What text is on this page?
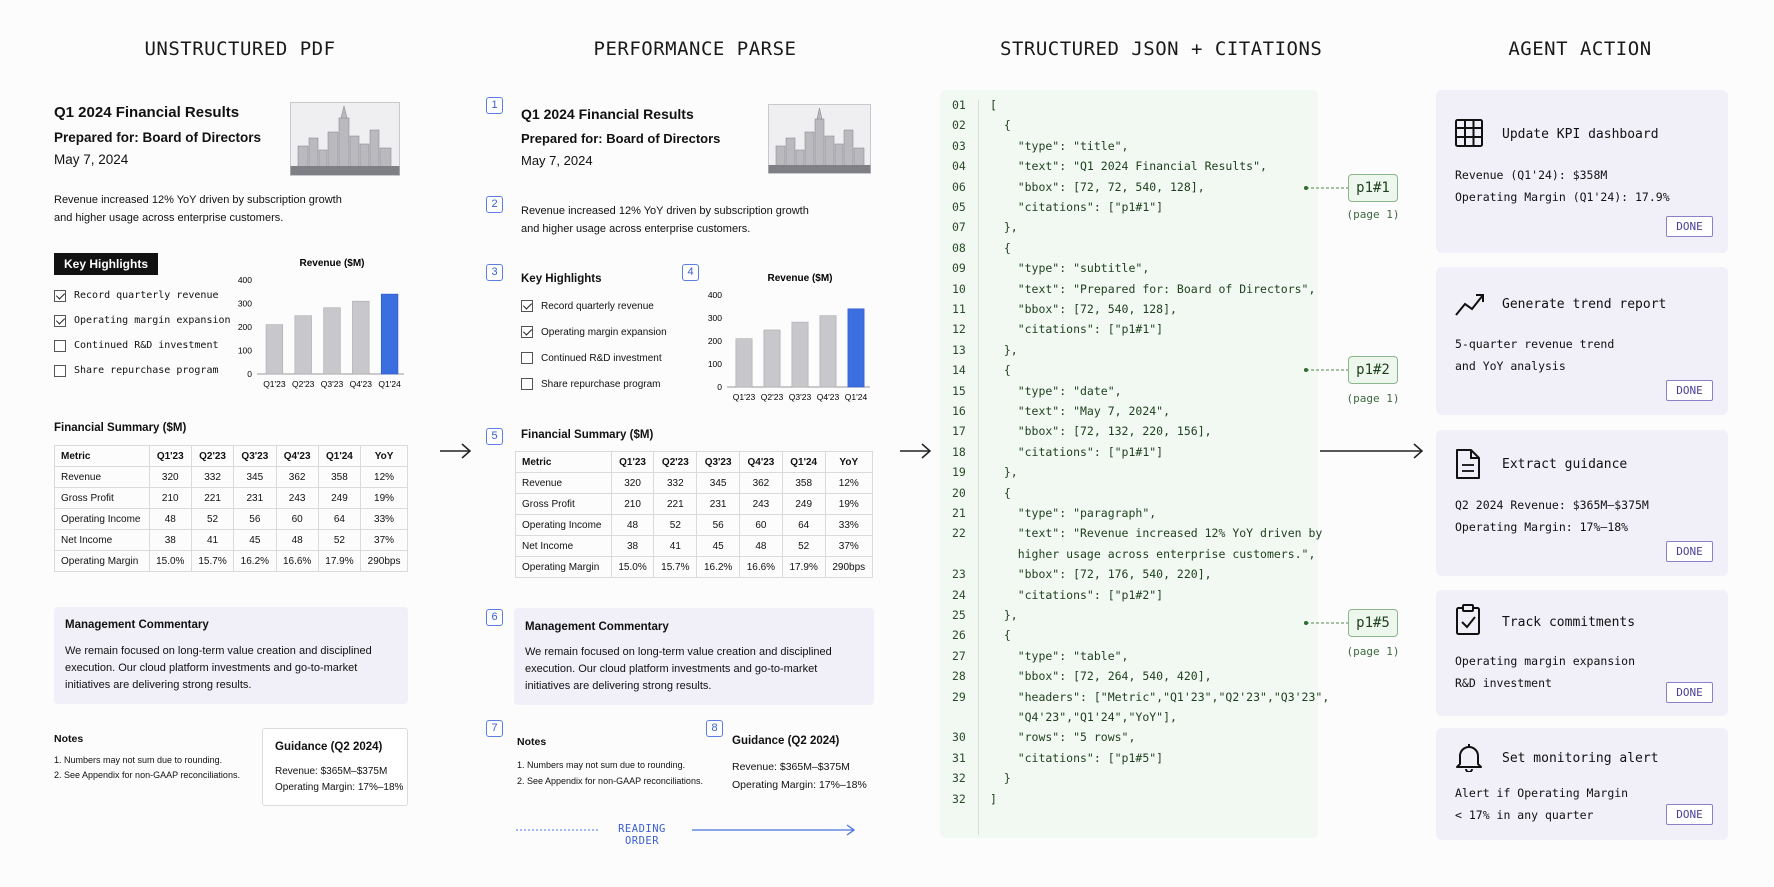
UNSTRUCTURED PDF	PERFORMANCE PARSE	STRUCTURED JSON + CITATIONS	AGENT ACTION
Q1 2024 Financial Results
Prepared for: Board of Directors
May 7, 2024
Revenue increased 12% YoY driven by subscription growth
and higher usage across enterprise customers.
Key Highlights
Record quarterly revenue
Operating margin expansion
Continued R&D investment
Share repurchase program
Revenue ($M)
0
100
200
300
400
Q1'23 Q2'23 Q3'23 Q4'23 Q1'24
Financial Summary ($M)
Metric	Q1'23	Q2'23	Q3'23	Q4'23	Q1'24	YoY
Revenue	320	332	345	362	358	12%
Gross Profit	210	221	231	243	249	19%
Operating Income	48	52	56	60	64	33%
Net Income	38	41	45	48	52	37%
Operating Margin	15.0%	15.7%	16.2%	16.6%	17.9%	290bps
Management Commentary

We remain focused on long-term value creation and disciplined
execution. Our cloud platform investments and go-to-market
initiatives are delivering strong results.

Notes
1. Numbers may not sum due to rounding.
2. See Appendix for non-GAAP reconciliations.
Guidance (Q2 2024)
Revenue: $365M–$375M
Operating Margin: 17%–18%
1
Q1 2024 Financial Results
Prepared for: Board of Directors
May 7, 2024
2
Revenue increased 12% YoY driven by subscription growth
and higher usage across enterprise customers.
3
Key Highlights
Record quarterly revenue
Operating margin expansion
Continued R&D investment
Share repurchase program
4
Revenue ($M)
0
100
200
300
400
Q1'23 Q2'23 Q3'23 Q4'23 Q1'24
5	Financial Summary ($M)
Metric	Q1'23	Q2'23	Q3'23	Q4'23	Q1'24	YoY
Revenue	320	332	345	362	358	12%
Gross Profit	210	221	231	243	249	19%
Operating Income	48	52	56	60	64	33%
Net Income	38	41	45	48	52	37%
Operating Margin	15.0%	15.7%	16.2%	16.6%	17.9%	290bps
6
Management Commentary

We remain focused on long-term value creation and disciplined
execution. Our cloud platform investments and go-to-market
initiatives are delivering strong results.

7
Notes
1. Numbers may not sum due to rounding.
2. See Appendix for non-GAAP reconciliations.
8
Guidance (Q2 2024)
Revenue: $365M–$375M
Operating Margin: 17%–18%
READING ORDER
01 [
02 {
03 "type": "title",
04 "text": "Q1 2024 Financial Results",
06 "bbox": [72, 72, 540, 128],
05 "citations": ["p1#1"]
07 },
08 {
09 "type": "subtitle",
10 "text": "Prepared for: Board of Directors",
11 "bbox": [72, 540, 128],
12 "citations": ["p1#1"]
13 },
14 {
15 "type": "date",
16 "text": "May 7, 2024",
17 "bbox": [72, 132, 220, 156],
18 "citations": ["p1#1"]
19 },
20 {
21 "type": "paragraph",
22 "text": "Revenue increased 12% YoY driven by
higher usage across enterprise customers.",
23 "bbox": [72, 176, 540, 220],
24 "citations": ["p1#2"]
25 },
26 {
27 "type": "table",
28 "bbox": [72, 264, 540, 420],
29 "headers": ["Metric","Q1'23","Q2'23","Q3'23",
"Q4'23","Q1'24","YoY"],
30 "rows": "5 rows",
31 "citations": ["p1#5"]
32 }
32 ]
p1#1
(page 1)
p1#2
(page 1)
p1#5
(page 1)
Update KPI dashboard
Revenue (Q1'24): $358M
Operating Margin (Q1'24): 17.9%
DONE
Generate trend report
5-quarter revenue trend
and YoY analysis
DONE
Extract guidance
Q2 2024 Revenue: $365M–$375M
Operating Margin: 17%–18%
DONE
Track commitments
Operating margin expansion
R&D investment
DONE
Set monitoring alert
Alert if Operating Margin
< 17% in any quarter	DONE
